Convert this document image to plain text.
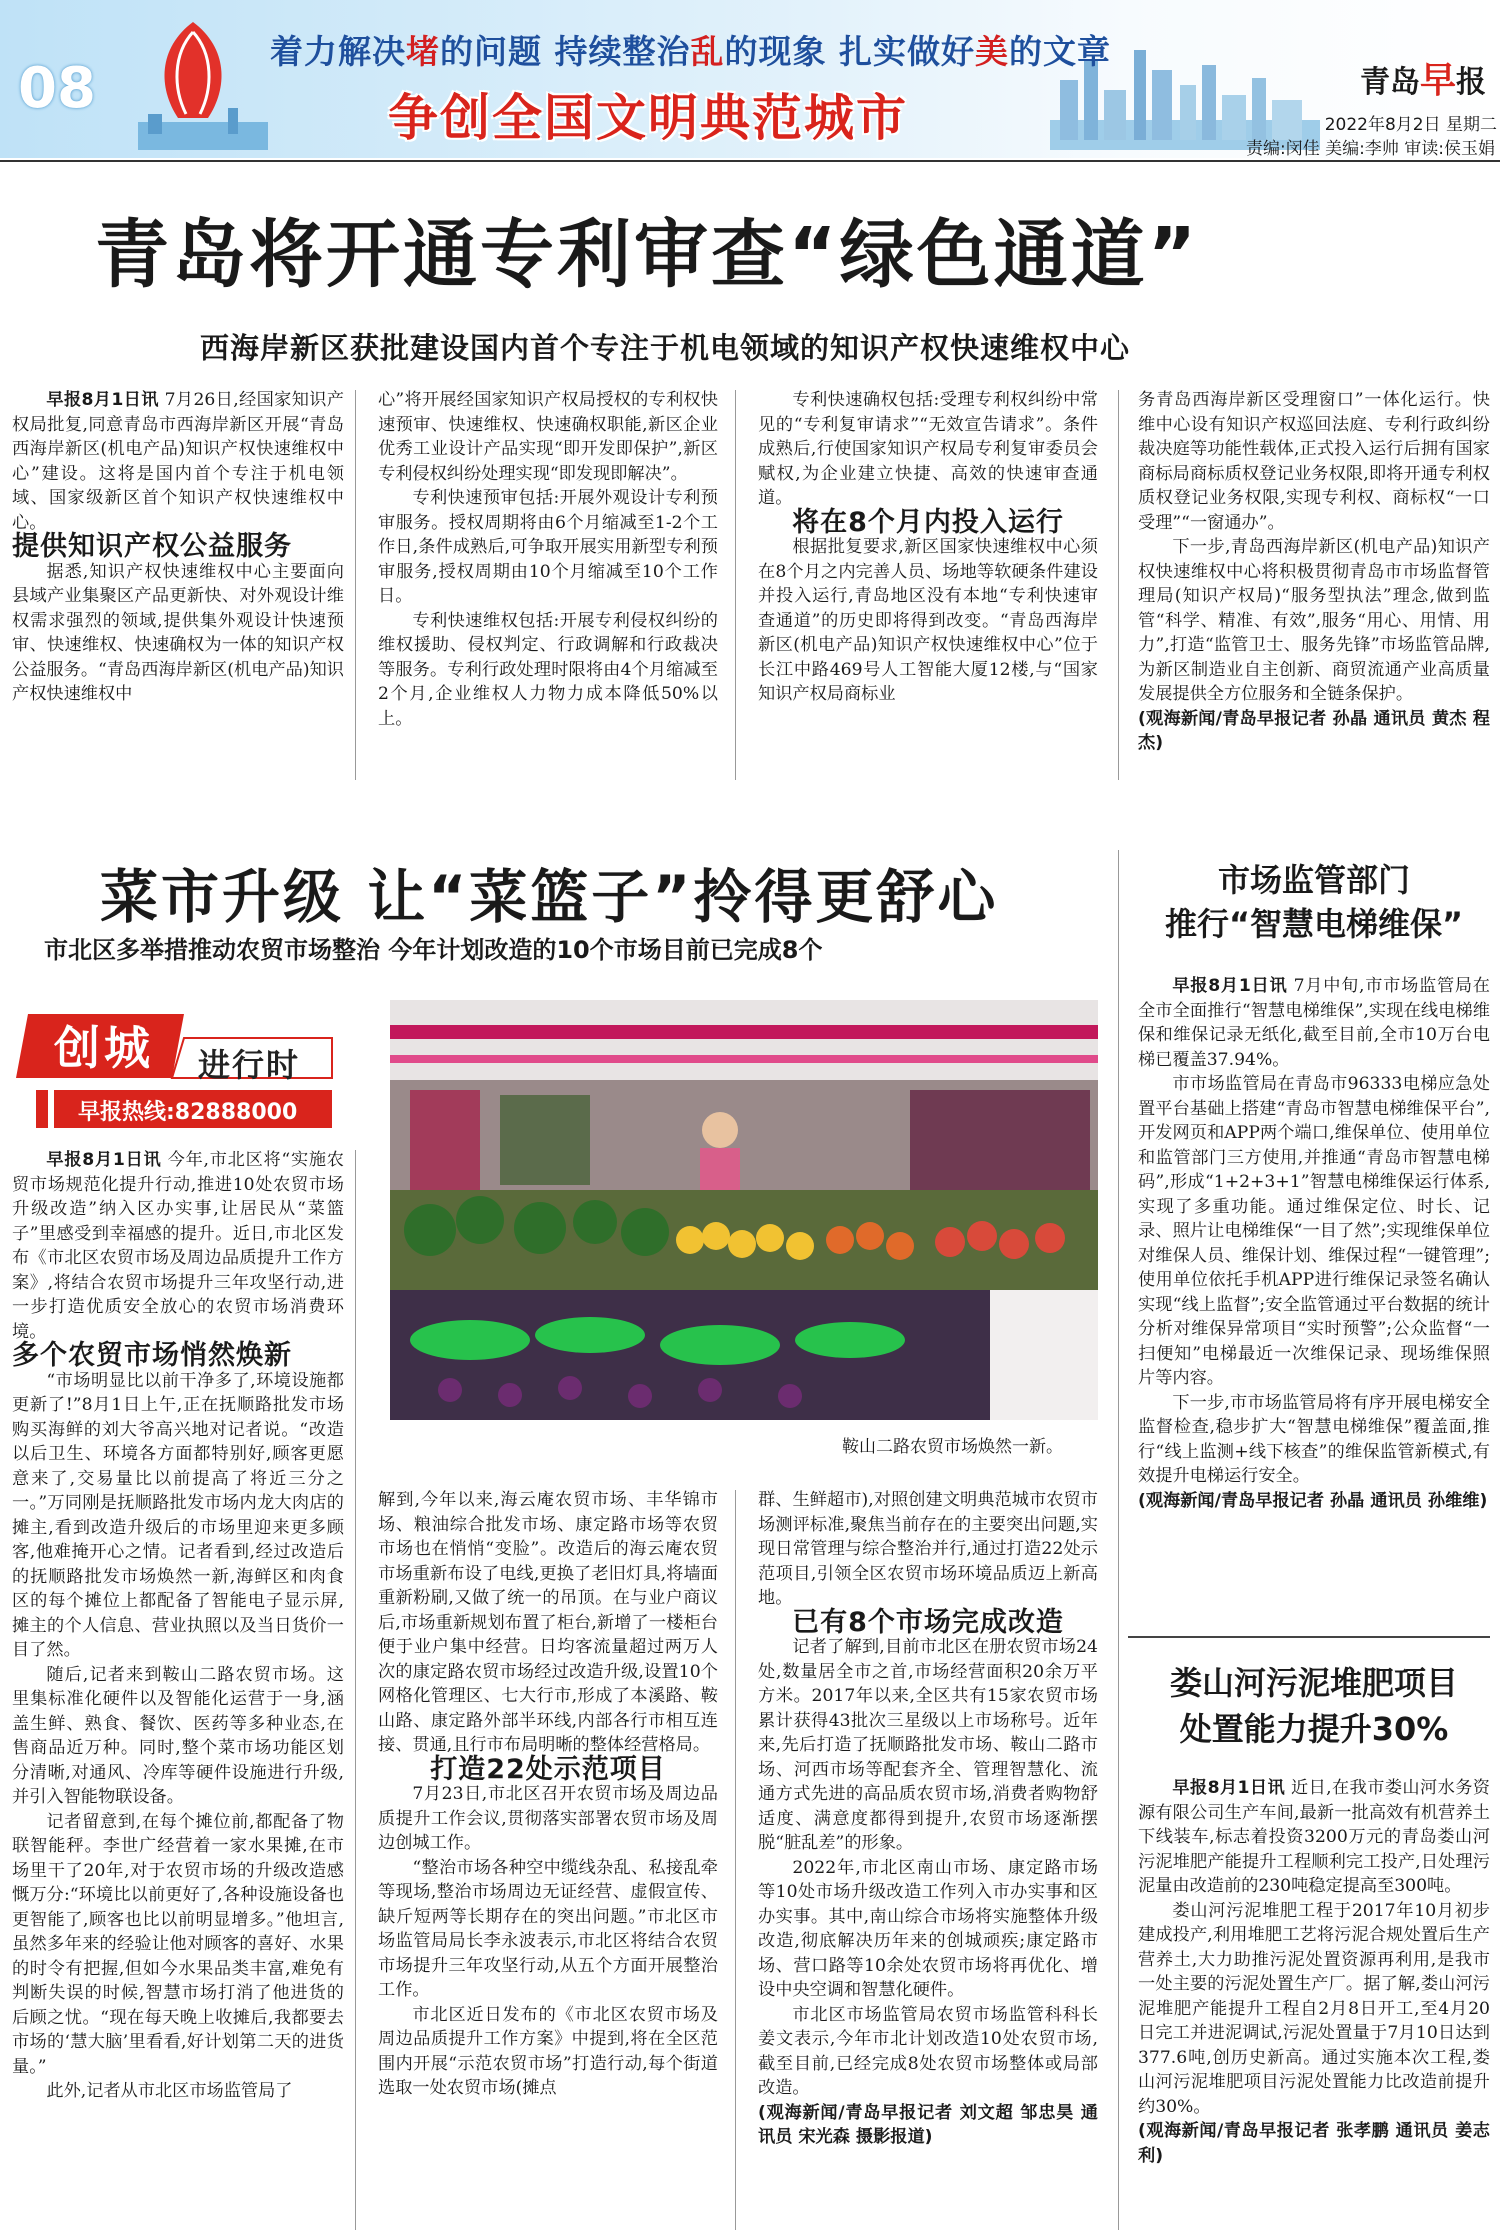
08
着力解决堵的问题 持续整治乱的现象 扎实做好美的文章
争创全国文明典范城市
青岛早报
2022年8月2日 星期二
责编:闵佳 美编:李帅 审读:侯玉娟
青岛将开通专利审查“绿色通道”
西海岸新区获批建设国内首个专注于机电领域的知识产权快速维权中心

早报8月1日讯 7月26日,经国家知识产权局批复,同意青岛市西海岸新区开展“青岛西海岸新区(机电产品)知识产权快速维权中心”建设。这将是国内首个专注于机电领域、国家级新区首个知识产权快速维权中心。

提供知识产权公益服务

据悉,知识产权快速维权中心主要面向县域产业集聚区产品更新快、对外观设计维权需求强烈的领域,提供集外观设计快速预审、快速维权、快速确权为一体的知识产权公益服务。“青岛西海岸新区(机电产品)知识产权快速维权中

心”将开展经国家知识产权局授权的专利权快速预审、快速维权、快速确权职能,新区企业优秀工业设计产品实现“即开发即保护”,新区专利侵权纠纷处理实现“即发现即解决”。

专利快速预审包括:开展外观设计专利预审服务。授权周期将由6个月缩减至1-2个工作日,条件成熟后,可争取开展实用新型专利预审服务,授权周期由10个月缩减至10个工作日。

专利快速维权包括:开展专利侵权纠纷的维权援助、侵权判定、行政调解和行政裁决等服务。专利行政处理时限将由4个月缩减至2个月,企业维权人力物力成本降低50%以上。

专利快速确权包括:受理专利权纠纷中常见的“专利复审请求”“无效宣告请求”。条件成熟后,行使国家知识产权局专利复审委员会赋权,为企业建立快捷、高效的快速审查通道。

将在8个月内投入运行

根据批复要求,新区国家快速维权中心须在8个月之内完善人员、场地等软硬条件建设并投入运行,青岛地区没有本地“专利快速审查通道”的历史即将得到改变。“青岛西海岸新区(机电产品)知识产权快速维权中心”位于长江中路469号人工智能大厦12楼,与“国家知识产权局商标业

务青岛西海岸新区受理窗口”一体化运行。快维中心设有知识产权巡回法庭、专利行政纠纷裁决庭等功能性载体,正式投入运行后拥有国家商标局商标质权登记业务权限,即将开通专利权质权登记业务权限,实现专利权、商标权“一口受理”“一窗通办”。

下一步,青岛西海岸新区(机电产品)知识产权快速维权中心将积极贯彻青岛市市场监督管理局(知识产权局)“服务型执法”理念,做到监管“科学、精准、有效”,服务“用心、用情、用力”,打造“监管卫士、服务先锋”市场监管品牌,为新区制造业自主创新、商贸流通产业高质量发展提供全方位服务和全链条保护。

(观海新闻/青岛早报记者 孙晶 通讯员 黄杰 程杰)

菜市升级 让“菜篮子”拎得更舒心
市北区多举措推动农贸市场整治 今年计划改造的10个市场目前已完成8个
创城 进行时
早报热线:82888000
鞍山二路农贸市场焕然一新。

早报8月1日讯 今年,市北区将“实施农贸市场规范化提升行动,推进10处农贸市场升级改造”纳入区办实事,让居民从“菜篮子”里感受到幸福感的提升。近日,市北区发布《市北区农贸市场及周边品质提升工作方案》,将结合农贸市场提升三年攻坚行动,进一步打造优质安全放心的农贸市场消费环境。

多个农贸市场悄然焕新

“市场明显比以前干净多了,环境设施都更新了!”8月1日上午,正在抚顺路批发市场购买海鲜的刘大爷高兴地对记者说。“改造以后卫生、环境各方面都特别好,顾客更愿意来了,交易量比以前提高了将近三分之一。”万同刚是抚顺路批发市场内龙大肉店的摊主,看到改造升级后的市场里迎来更多顾客,他难掩开心之情。记者看到,经过改造后的抚顺路批发市场焕然一新,海鲜区和肉食区的每个摊位上都配备了智能电子显示屏,摊主的个人信息、营业执照以及当日货价一目了然。

随后,记者来到鞍山二路农贸市场。这里集标准化硬件以及智能化运营于一身,涵盖生鲜、熟食、餐饮、医药等多种业态,在售商品近万种。同时,整个菜市场功能区划分清晰,对通风、冷库等硬件设施进行升级,并引入智能物联设备。

记者留意到,在每个摊位前,都配备了物联智能秤。李世广经营着一家水果摊,在市场里干了20年,对于农贸市场的升级改造感慨万分:“环境比以前更好了,各种设施设备也更智能了,顾客也比以前明显增多。”他坦言,虽然多年来的经验让他对顾客的喜好、水果的时令有把握,但如今水果品类丰富,难免有判断失误的时候,智慧市场打消了他进货的后顾之忧。“现在每天晚上收摊后,我都要去市场的‘慧大脑’里看看,好计划第二天的进货量。”

此外,记者从市北区市场监管局了

解到,今年以来,海云庵农贸市场、丰华锦市场、粮油综合批发市场、康定路市场等农贸市场也在悄悄“变脸”。改造后的海云庵农贸市场重新布设了电线,更换了老旧灯具,将墙面重新粉刷,又做了统一的吊顶。在与业户商议后,市场重新规划布置了柜台,新增了一楼柜台便于业户集中经营。日均客流量超过两万人次的康定路农贸市场经过改造升级,设置10个网格化管理区、七大行市,形成了本溪路、鞍山路、康定路外部半环线,内部各行市相互连接、贯通,且行市布局明晰的整体经营格局。

打造22处示范项目

7月23日,市北区召开农贸市场及周边品质提升工作会议,贯彻落实部署农贸市场及周边创城工作。

“整治市场各种空中缆线杂乱、私接乱牵等现场,整治市场周边无证经营、虚假宣传、缺斤短两等长期存在的突出问题。”市北区市场监管局局长李永波表示,市北区将结合农贸市场提升三年攻坚行动,从五个方面开展整治工作。

市北区近日发布的《市北区农贸市场及周边品质提升工作方案》中提到,将在全区范围内开展“示范农贸市场”打造行动,每个街道选取一处农贸市场(摊点

群、生鲜超市),对照创建文明典范城市农贸市场测评标准,聚焦当前存在的主要突出问题,实现日常管理与综合整治并行,通过打造22处示范项目,引领全区农贸市场环境品质迈上新高地。

已有8个市场完成改造

记者了解到,目前市北区在册农贸市场24处,数量居全市之首,市场经营面积20余万平方米。2017年以来,全区共有15家农贸市场累计获得43批次三星级以上市场称号。近年来,先后打造了抚顺路批发市场、鞍山二路市场、河西市场等配套齐全、管理智慧化、流通方式先进的高品质农贸市场,消费者购物舒适度、满意度都得到提升,农贸市场逐渐摆脱“脏乱差”的形象。

2022年,市北区南山市场、康定路市场等10处市场升级改造工作列入市办实事和区办实事。其中,南山综合市场将实施整体升级改造,彻底解决历年来的创城顽疾;康定路市场、营口路等10余处农贸市场将再优化、增设中央空调和智慧化硬件。

市北区市场监管局农贸市场监管科科长姜文表示,今年市北计划改造10处农贸市场,截至目前,已经完成8处农贸市场整体或局部改造。

(观海新闻/青岛早报记者 刘文超 邹忠昊 通讯员 宋光森 摄影报道)

市场监管部门
推行“智慧电梯维保”

早报8月1日讯 7月中旬,市市场监管局在全市全面推行“智慧电梯维保”,实现在线电梯维保和维保记录无纸化,截至目前,全市10万台电梯已覆盖37.94%。

市市场监管局在青岛市96333电梯应急处置平台基础上搭建“青岛市智慧电梯维保平台”,开发网页和APP两个端口,维保单位、使用单位和监管部门三方使用,并推通“青岛市智慧电梯码”,形成“1+2+3+1”智慧电梯维保运行体系,实现了多重功能。通过维保定位、时长、记录、照片让电梯维保“一目了然”;实现维保单位对维保人员、维保计划、维保过程“一键管理”;使用单位依托手机APP进行维保记录签名确认实现“线上监督”;安全监管通过平台数据的统计分析对维保异常项目“实时预警”;公众监督“一扫便知”电梯最近一次维保记录、现场维保照片等内容。

下一步,市市场监管局将有序开展电梯安全监督检查,稳步扩大“智慧电梯维保”覆盖面,推行“线上监测+线下核查”的维保监管新模式,有效提升电梯运行安全。

(观海新闻/青岛早报记者 孙晶 通讯员 孙维维)

娄山河污泥堆肥项目
处置能力提升30%

早报8月1日讯 近日,在我市娄山河水务资源有限公司生产车间,最新一批高效有机营养土下线装车,标志着投资3200万元的青岛娄山河污泥堆肥产能提升工程顺利完工投产,日处理污泥量由改造前的230吨稳定提高至300吨。

娄山河污泥堆肥工程于2017年10月初步建成投产,利用堆肥工艺将污泥合规处置后生产营养土,大力助推污泥处置资源再利用,是我市一处主要的污泥处置生产厂。据了解,娄山河污泥堆肥产能提升工程自2月8日开工,至4月20日完工并进泥调试,污泥处置量于7月10日达到377.6吨,创历史新高。通过实施本次工程,娄山河污泥堆肥项目污泥处置能力比改造前提升约30%。

(观海新闻/青岛早报记者 张孝鹏 通讯员 姜志利)
